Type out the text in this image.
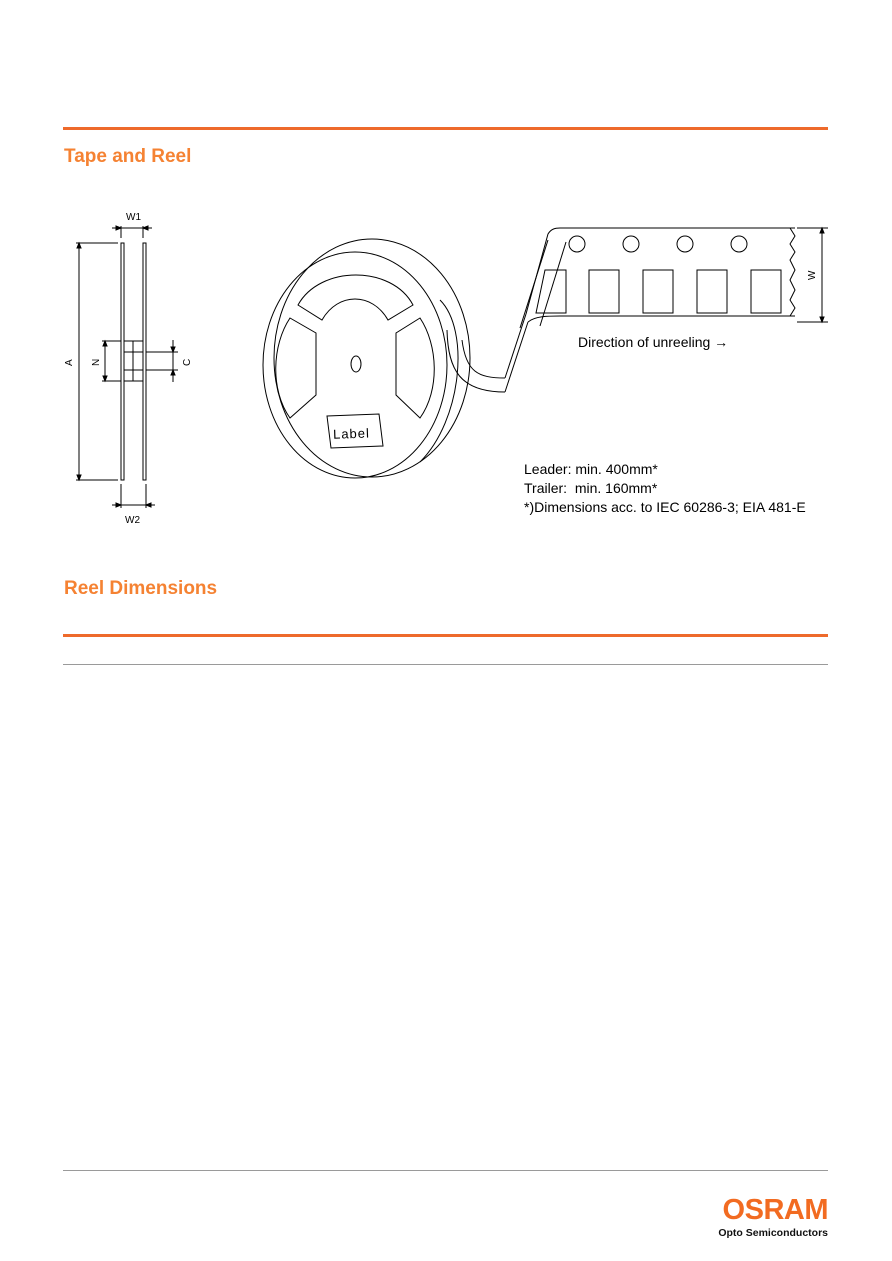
Tape and Reel
W1
W2
A N	C
W
Label
Direction of unreeling →
Leader: min. 400mm*
Trailer:  min. 160mm*
*)Dimensions acc. to IEC 60286-3; EIA 481-E
Reel Dimensions
OSRAM
Opto Semiconductors
